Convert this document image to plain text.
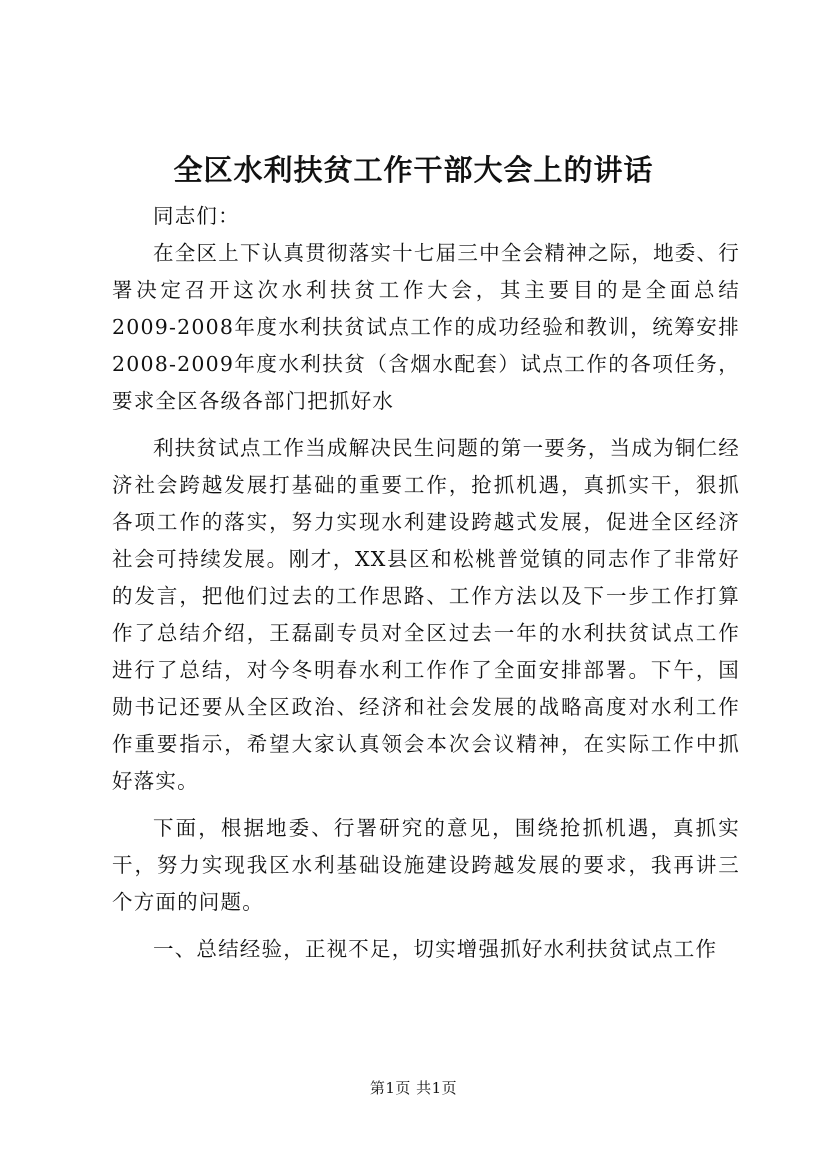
全区水利扶贫工作干部大会上的讲话

同志们：

在全区上下认真贯彻落实十七届三中全会精神之际，地委、行署决定召开这次水利扶贫工作大会，其主要目的是全面总结2009-2008年度水利扶贫试点工作的成功经验和教训，统筹安排2008-2009年度水利扶贫（含烟水配套）试点工作的各项任务，要求全区各级各部门把抓好水

利扶贫试点工作当成解决民生问题的第一要务，当成为铜仁经济社会跨越发展打基础的重要工作，抢抓机遇，真抓实干，狠抓各项工作的落实，努力实现水利建设跨越式发展，促进全区经济社会可持续发展。刚才，XX县区和松桃普觉镇的同志作了非常好的发言，把他们过去的工作思路、工作方法以及下一步工作打算作了总结介绍，王磊副专员对全区过去一年的水利扶贫试点工作进行了总结，对今冬明春水利工作作了全面安排部署。下午，国勋书记还要从全区政治、经济和社会发展的战略高度对水利工作作重要指示，希望大家认真领会本次会议精神，在实际工作中抓好落实。

下面，根据地委、行署研究的意见，围绕抢抓机遇，真抓实干，努力实现我区水利基础设施建设跨越发展的要求，我再讲三个方面的问题。

一、总结经验，正视不足，切实增强抓好水利扶贫试点工作

第1页 共1页
